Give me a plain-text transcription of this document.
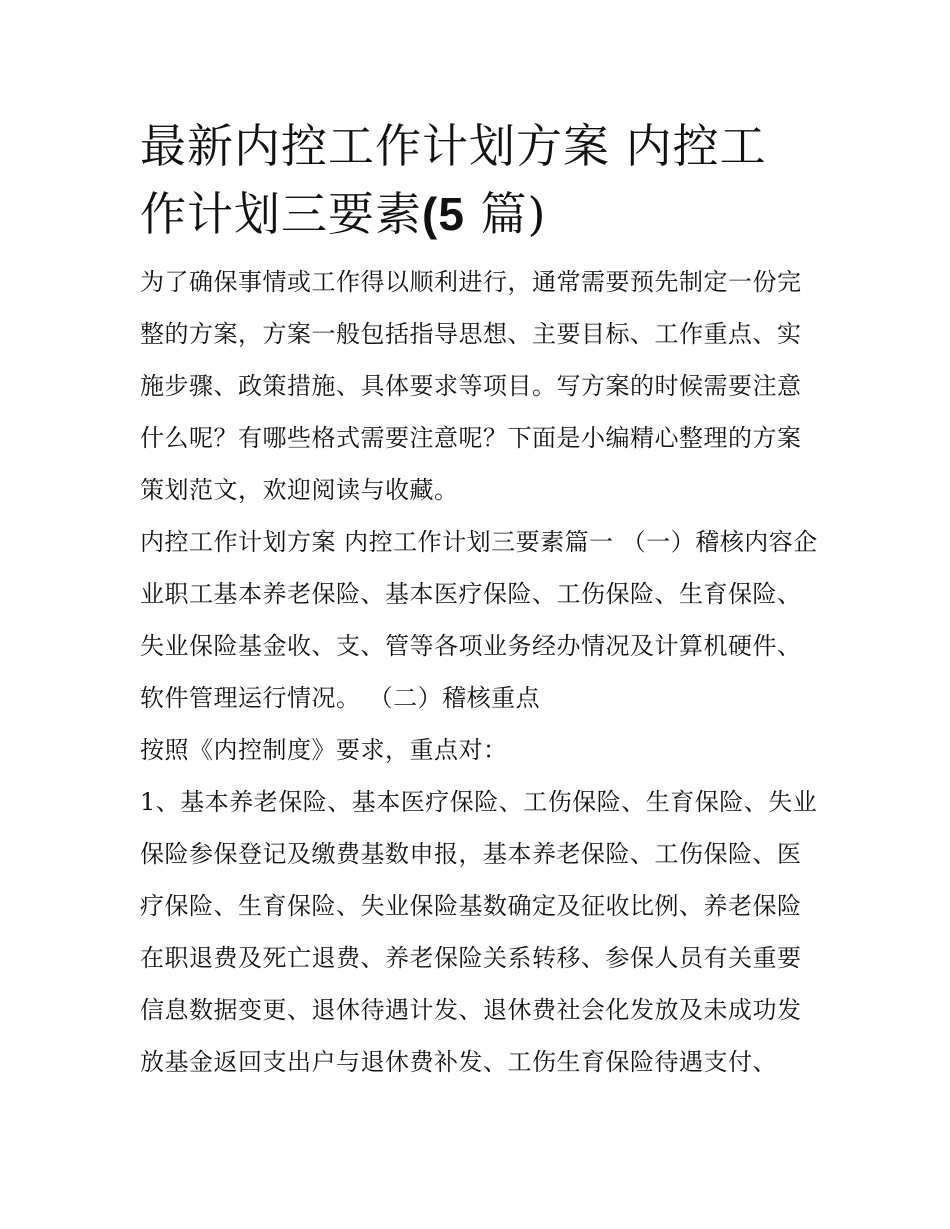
最新内控工作计划方案 内控工
作计划三要素(5 篇)

为了确保事情或工作得以顺利进行，通常需要预先制定一份完整的方案，方案一般包括指导思想、主要目标、工作重点、实施步骤、政策措施、具体要求等项目。写方案的时候需要注意什么呢？有哪些格式需要注意呢？下面是小编精心整理的方案策划范文，欢迎阅读与收藏。

内控工作计划方案 内控工作计划三要素篇一 （一）稽核内容企业职工基本养老保险、基本医疗保险、工伤保险、生育保险、失业保险基金收、支、管等各项业务经办情况及计算机硬件、软件管理运行情况。 （二）稽核重点

按照《内控制度》要求，重点对：

1、基本养老保险、基本医疗保险、工伤保险、生育保险、失业保险参保登记及缴费基数申报，基本养老保险、工伤保险、医疗保险、生育保险、失业保险基数确定及征收比例、养老保险在职退费及死亡退费、养老保险关系转移、参保人员有关重要信息数据变更、退休待遇计发、退休费社会化发放及未成功发放基金返回支出户与退休费补发、工伤生育保险待遇支付、
